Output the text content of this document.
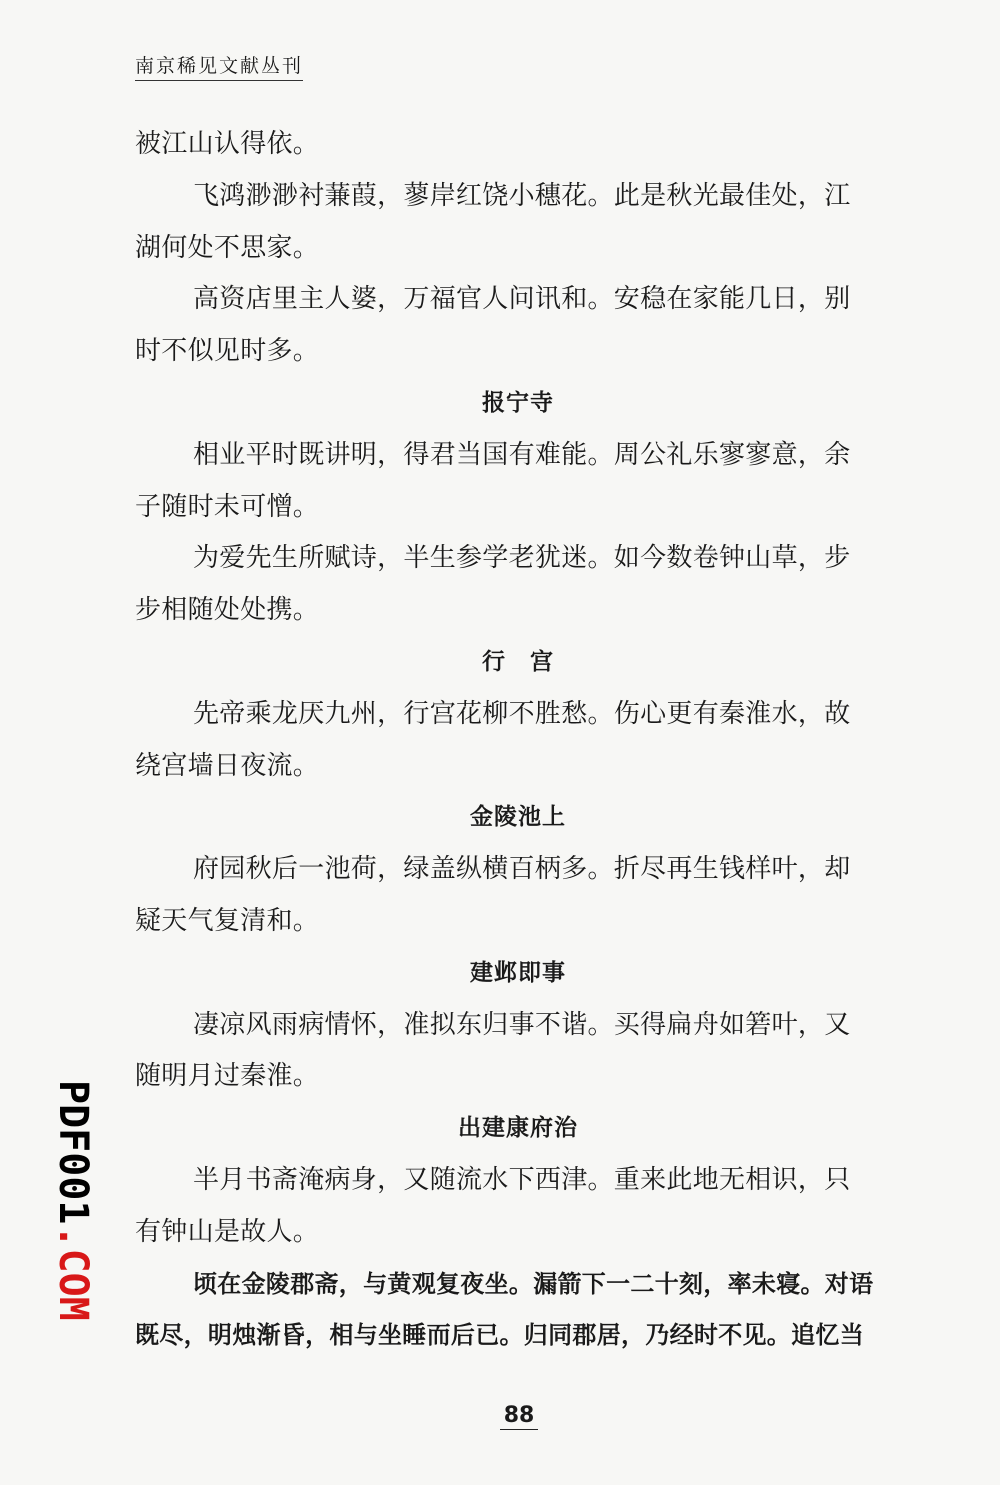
南京稀见文献丛刊
被江山认得依。
飞鸿渺渺衬蒹葭，蓼岸红饶小穗花。此是秋光最佳处，江
湖何处不思家。
高资店里主人婆，万福官人问讯和。安稳在家能几日，别
时不似见时多。
报宁寺
相业平时既讲明，得君当国有难能。周公礼乐寥寥意，余
子随时未可憎。
为爱先生所赋诗，半生参学老犹迷。如今数卷钟山草，步
步相随处处携。
行　宫
先帝乘龙厌九州，行宫花柳不胜愁。伤心更有秦淮水，故
绕宫墙日夜流。
金陵池上
府园秋后一池荷，绿盖纵横百柄多。折尽再生钱样叶，却
疑天气复清和。
建邺即事
凄凉风雨病情怀，准拟东归事不谐。买得扁舟如箬叶，又
随明月过秦淮。
出建康府治
半月书斋淹病身，又随流水下西津。重来此地无相识，只
有钟山是故人。
顷在金陵郡斋，与黄观复夜坐。漏箭下一二十刻，率未寝。对语
既尽，明烛渐昏，相与坐睡而后已。归同郡居，乃经时不见。追忆当
88
PDF001.COM
